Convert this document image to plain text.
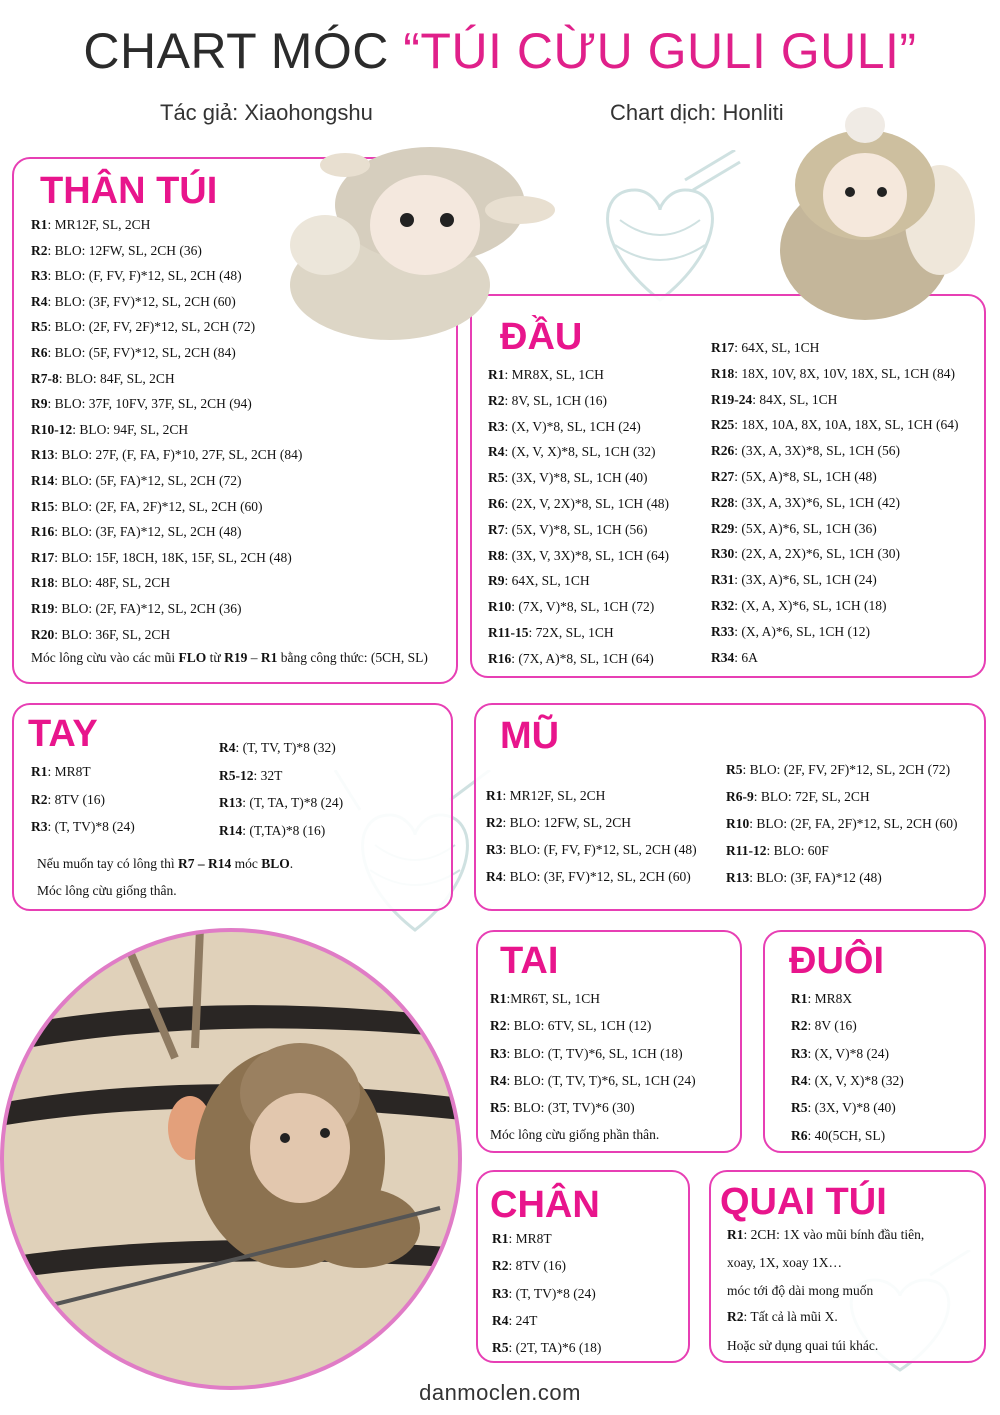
CHART MÓC “TÚI CỪU GULI GULI”
Tác giả: Xiaohongshu	Chart dịch: Honliti
THÂN TÚI
R1: MR12F, SL, 2CH
R2: BLO: 12FW, SL, 2CH (36)
R3: BLO: (F, FV, F)*12, SL, 2CH (48)
R4: BLO: (3F, FV)*12, SL, 2CH (60)
R5: BLO: (2F, FV, 2F)*12, SL, 2CH (72)
R6: BLO: (5F, FV)*12, SL, 2CH (84)
R7-8: BLO: 84F, SL, 2CH
R9: BLO: 37F, 10FV, 37F, SL, 2CH (94)
R10-12: BLO: 94F, SL, 2CH
R13: BLO: 27F, (F, FA, F)*10, 27F, SL, 2CH (84)
R14: BLO: (5F, FA)*12, SL, 2CH (72)
R15: BLO: (2F, FA, 2F)*12, SL, 2CH (60)
R16: BLO: (3F, FA)*12, SL, 2CH (48)
R17: BLO: 15F, 18CH, 18K, 15F, SL, 2CH (48)
R18: BLO: 48F, SL, 2CH
R19: BLO: (2F, FA)*12, SL, 2CH (36)
R20: BLO: 36F, SL, 2CH
Móc lông cừu vào các mũi FLO từ R19 – R1 bằng công thức: (5CH, SL)
ĐẦU
R1: MR8X, SL, 1CH
R2: 8V, SL, 1CH (16)
R3: (X, V)*8, SL, 1CH (24)
R4: (X, V, X)*8, SL, 1CH (32)
R5: (3X, V)*8, SL, 1CH (40)
R6: (2X, V, 2X)*8, SL, 1CH (48)
R7: (5X, V)*8, SL, 1CH (56)
R8: (3X, V, 3X)*8, SL, 1CH (64)
R9: 64X, SL, 1CH
R10: (7X, V)*8, SL, 1CH (72)
R11-15: 72X, SL, 1CH
R16: (7X, A)*8, SL, 1CH (64)
R17: 64X, SL, 1CH
R18: 18X, 10V, 8X, 10V, 18X, SL, 1CH (84)
R19-24: 84X, SL, 1CH
R25: 18X, 10A, 8X, 10A, 18X, SL, 1CH (64)
R26: (3X, A, 3X)*8, SL, 1CH (56)
R27: (5X, A)*8, SL, 1CH (48)
R28: (3X, A, 3X)*6, SL, 1CH (42)
R29: (5X, A)*6, SL, 1CH (36)
R30: (2X, A, 2X)*6, SL, 1CH (30)
R31: (3X, A)*6, SL, 1CH (24)
R32: (X, A, X)*6, SL, 1CH (18)
R33: (X, A)*6, SL, 1CH (12)
R34: 6A
TAY
R1: MR8T
R2: 8TV (16)
R3: (T, TV)*8 (24)
R4: (T, TV, T)*8 (32)
R5-12: 32T
R13: (T, TA, T)*8 (24)
R14: (T,TA)*8 (16)
Nếu muốn tay có lông thì R7 – R14 móc BLO.
Móc lông cừu giống thân.
MŨ
R1: MR12F, SL, 2CH
R2: BLO: 12FW, SL, 2CH
R3: BLO: (F, FV, F)*12, SL, 2CH (48)
R4: BLO: (3F, FV)*12, SL, 2CH (60)
R5: BLO: (2F, FV, 2F)*12, SL, 2CH (72)
R6-9: BLO: 72F, SL, 2CH
R10: BLO: (2F, FA, 2F)*12, SL, 2CH (60)
R11-12: BLO: 60F
R13: BLO: (3F, FA)*12 (48)
TAI
R1:MR6T, SL, 1CH
R2: BLO: 6TV, SL, 1CH (12)
R3: BLO: (T, TV)*6, SL, 1CH (18)
R4: BLO: (T, TV, T)*6, SL, 1CH (24)
R5: BLO: (3T, TV)*6 (30)
Móc lông cừu giống phần thân.
ĐUÔI
R1: MR8X
R2: 8V (16)
R3: (X, V)*8 (24)
R4: (X, V, X)*8 (32)
R5: (3X, V)*8 (40)
R6: 40(5CH, SL)
CHÂN
R1: MR8T
R2: 8TV (16)
R3: (T, TV)*8 (24)
R4: 24T
R5: (2T, TA)*6 (18)
QUAI TÚI
R1: 2CH: 1X vào mũi bính đầu tiên,
xoay, 1X, xoay 1X…
móc tới độ dài mong muốn
R2: Tất cả là mũi X.
Hoặc sử dụng quai túi khác.
danmoclen.com
